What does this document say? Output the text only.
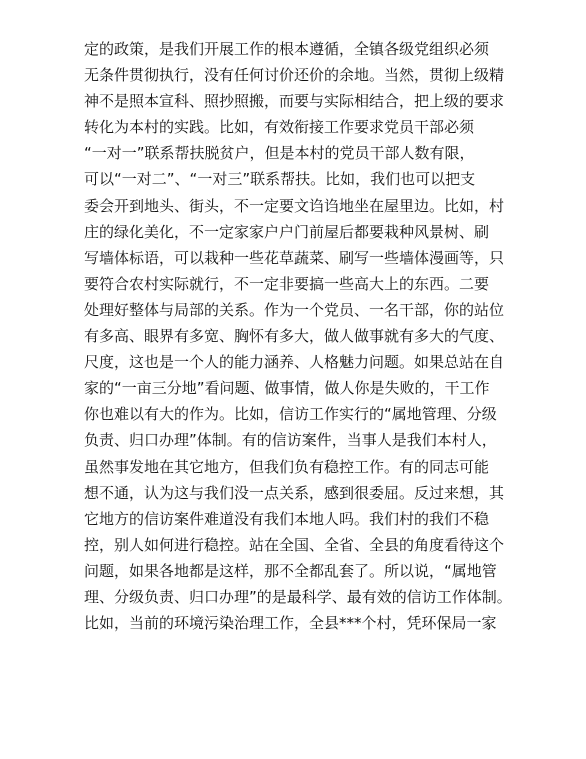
定的政策，是我们开展工作的根本遵循，全镇各级党组织必须
无条件贯彻执行，没有任何讨价还价的余地。当然，贯彻上级精
神不是照本宣科、照抄照搬，而要与实际相结合，把上级的要求
转化为本村的实践。比如，有效衔接工作要求党员干部必须
“一对一”联系帮扶脱贫户，但是本村的党员干部人数有限，
可以“一对二”、“一对三”联系帮扶。比如，我们也可以把支
委会开到地头、街头，不一定要文诌诌地坐在屋里边。比如，村
庄的绿化美化，不一定家家户户门前屋后都要栽种风景树、刷
写墙体标语，可以栽种一些花草蔬菜、刷写一些墙体漫画等，只
要符合农村实际就行，不一定非要搞一些高大上的东西。二要
处理好整体与局部的关系。作为一个党员、一名干部，你的站位
有多高、眼界有多宽、胸怀有多大，做人做事就有多大的气度、
尺度，这也是一个人的能力涵养、人格魅力问题。如果总站在自
家的“一亩三分地”看问题、做事情，做人你是失败的，干工作
你也难以有大的作为。比如，信访工作实行的“属地管理、分级
负责、归口办理”体制。有的信访案件，当事人是我们本村人，
虽然事发地在其它地方，但我们负有稳控工作。有的同志可能
想不通，认为这与我们没一点关系，感到很委屈。反过来想，其
它地方的信访案件难道没有我们本地人吗。我们村的我们不稳
控，别人如何进行稳控。站在全国、全省、全县的角度看待这个
问题，如果各地都是这样，那不全都乱套了。所以说，“属地管
理、分级负责、归口办理”的是最科学、最有效的信访工作体制。
比如，当前的环境污染治理工作，全县***个村，凭环保局一家
